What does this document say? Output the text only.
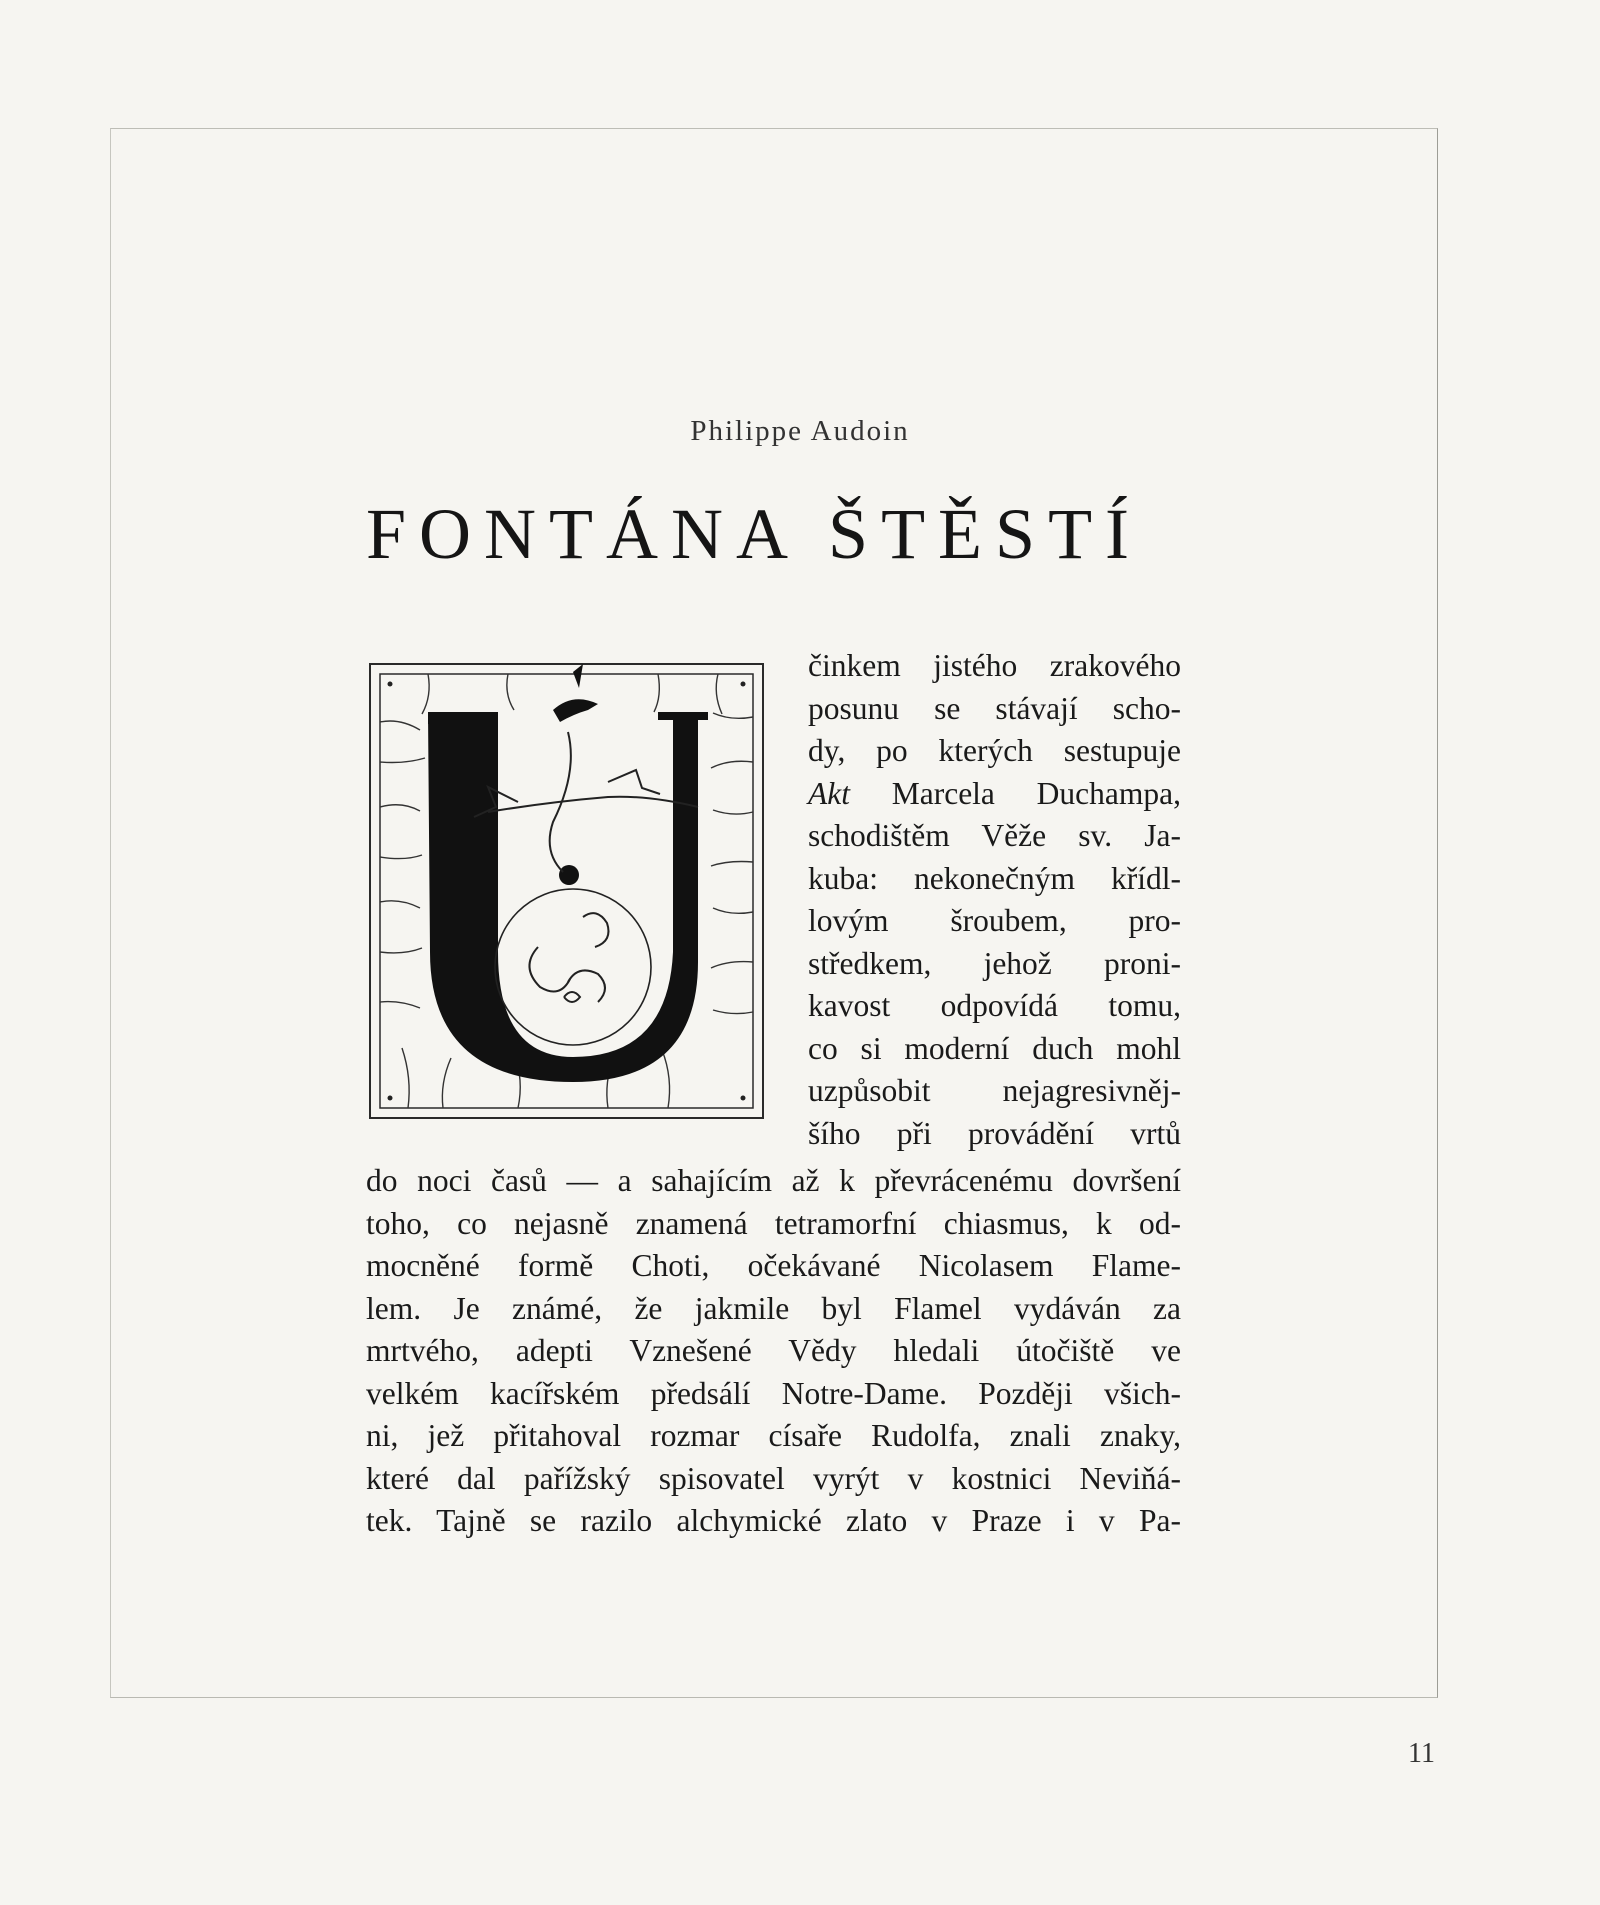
Philippe Audoin
FONTÁNA ŠTĚSTÍ
činkem jistého zrakového
posunu se stávají scho-
dy, po kterých sestupuje
Akt Marcela Duchampa,
schodištěm Věže sv. Ja-
kuba: nekonečným křídl-
lovým šroubem, pro-
středkem, jehož proni-
kavost odpovídá tomu,
co si moderní duch mohl
uzpůsobit nejagresivněj-
šího při provádění vrtů
do noci časů — a sahajícím až k převrácenému dovršení
toho, co nejasně znamená tetramorfní chiasmus, k od-
mocněné formě Choti, očekávané Nicolasem Flame-
lem. Je známé, že jakmile byl Flamel vydáván za
mrtvého, adepti Vznešené Vědy hledali útočiště ve
velkém kacířském předsálí Notre-Dame. Později všich-
ni, jež přitahoval rozmar císaře Rudolfa, znali znaky,
které dal pařížský spisovatel vyrýt v kostnici Neviňá-
tek. Tajně se razilo alchymické zlato v Praze i v Pa-
11
